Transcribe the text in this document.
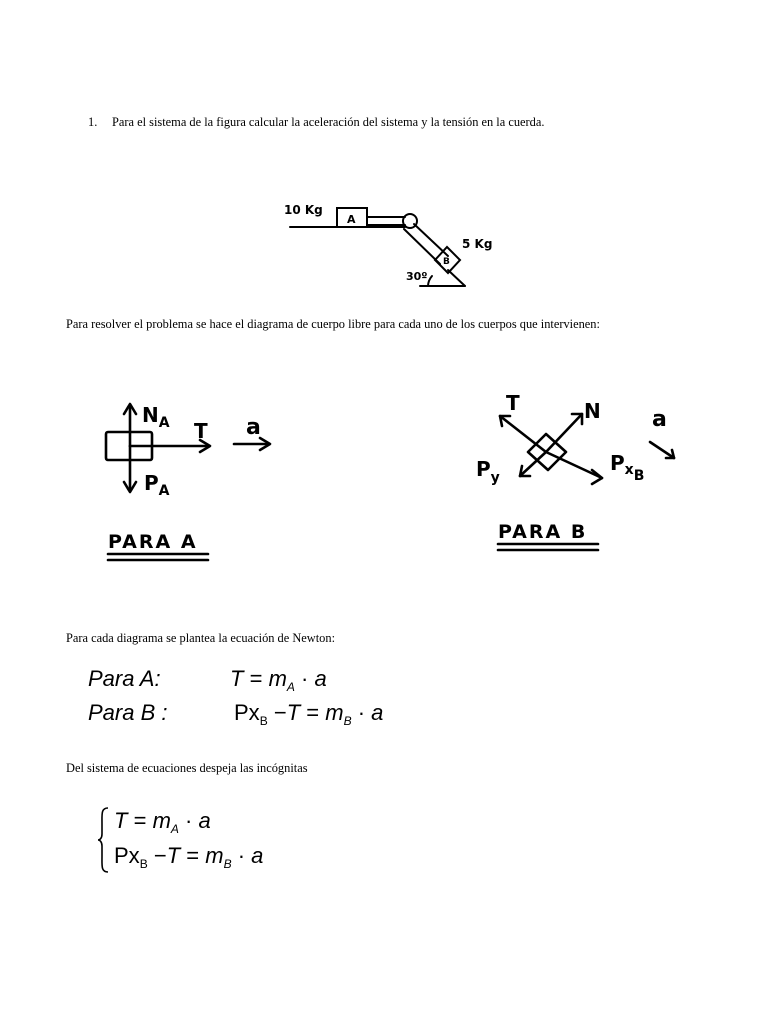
1. Para el sistema de la figura calcular la aceleración del sistema y la tensión en la cuerda.
10 Kg
A
5 Kg
B
30º
Para resolver el problema se hace el diagrama de cuerpo libre para cada uno de los cuerpos que intervienen:
$N_A$ T a
$P_A$
PARA A
T	N a
$P_y$
$P_{xB}$
PARA B
Para cada diagrama se plantea la ecuación de Newton:
Para A:	$T = m_A \cdot a$
Para B :	$Px_B -T = m_B \cdot a$
Del sistema de ecuaciones despeja las incógnitas
$T = m_A \cdot a$
$Px_B -T = m_B \cdot a$
